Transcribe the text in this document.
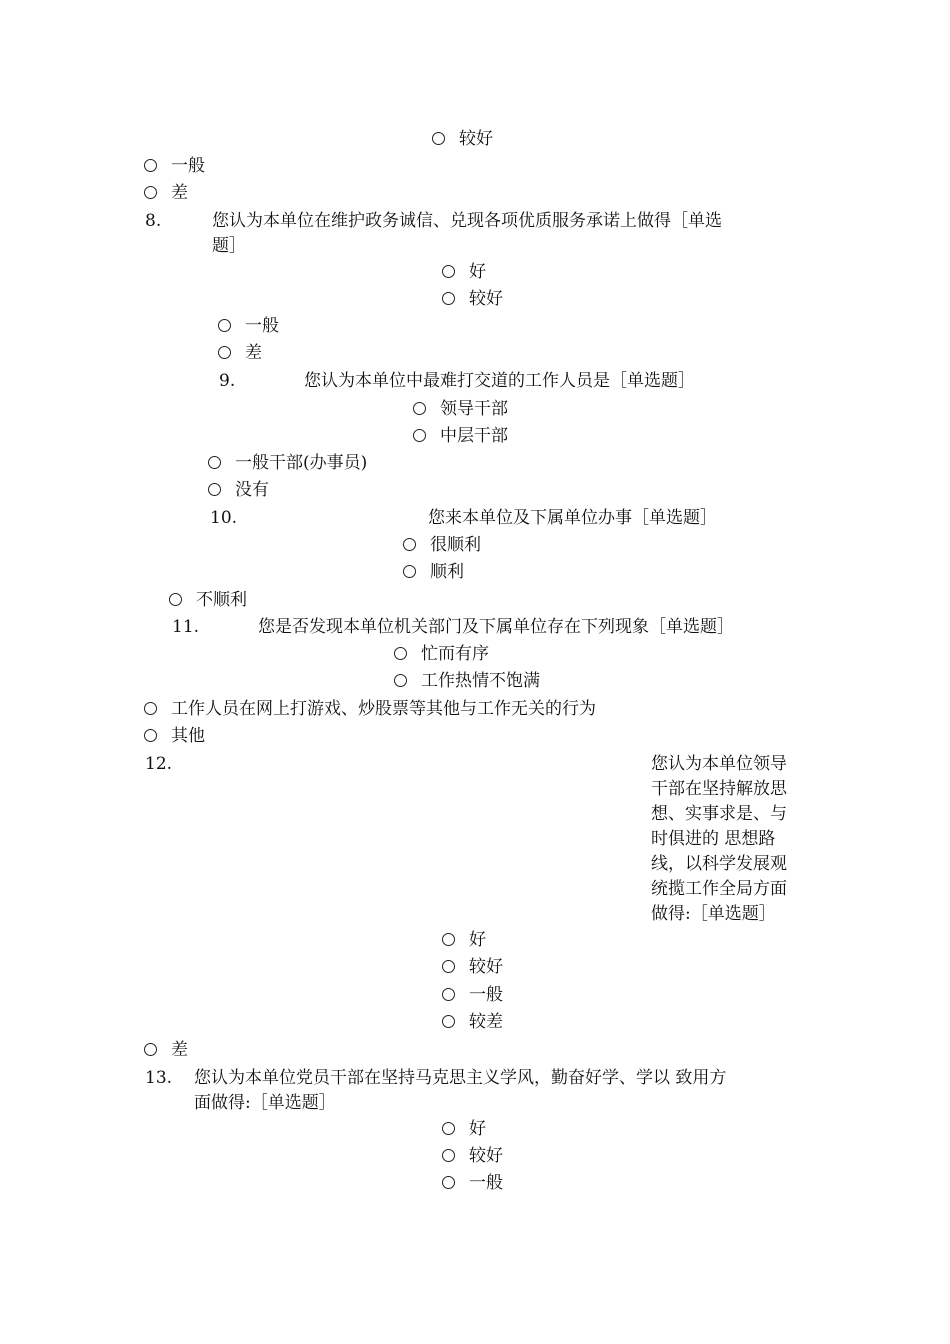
较好
一般
差
8.	您认为本单位在维护政务诚信、兑现各项优质服务承诺上做得［单选
题］
好
较好
一般
差
9.	您认为本单位中最难打交道的工作人员是［单选题］
领导干部
中层干部
一般干部(办事员)
没有
10.	您来本单位及下属单位办事［单选题］
很顺利
顺利
不顺利
11.	您是否发现本单位机关部门及下属单位存在下列现象［单选题］
忙而有序
工作热情不饱满
工作人员在网上打游戏、炒股票等其他与工作无关的行为
其他
12.	您认为本单位领导
干部在坚持解放思
想、实事求是、与
时俱进的 思想路
线，以科学发展观
统揽工作全局方面
做得:［单选题］
好
较好
一般
较差
差
13. 您认为本单位党员干部在坚持马克思主义学风，勤奋好学、学以 致用方
面做得:［单选题］
好
较好
一般
